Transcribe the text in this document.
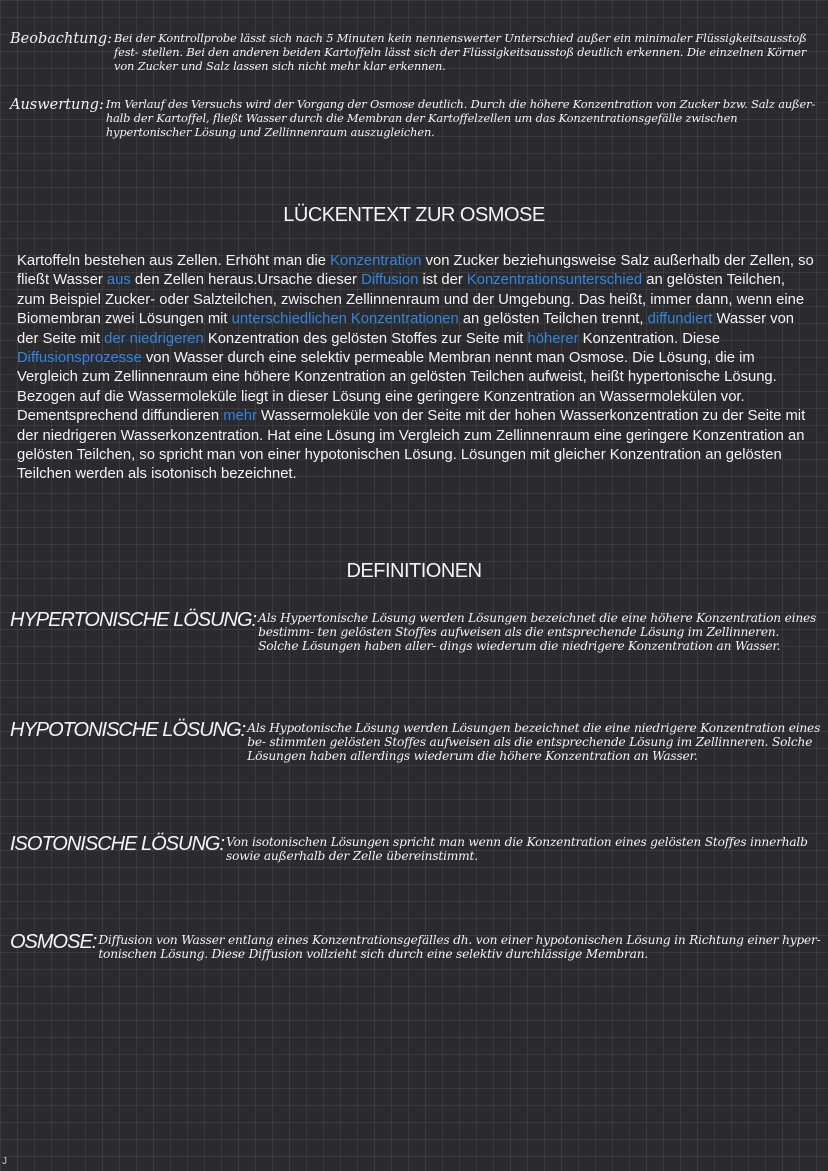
Beobachtung: Bei der Kontrollprobe lässt sich nach 5 Minuten kein nennenswerter Unterschied außer ein minimaler Flüssigkeitsausstoß fest- stellen. Bei den anderen beiden Kartoffeln lässt sich der Flüssigkeitsausstoß deutlich erkennen. Die einzelnen Körner von Zucker und Salz lassen sich nicht mehr klar erkennen.
Auswertung: Im Verlauf des Versuchs wird der Vorgang der Osmose deutlich. Durch die höhere Konzentration von Zucker bzw. Salz außer- halb der Kartoffel, fließt Wasser durch die Membran der Kartoffelzellen um das Konzentrationsgefälle zwischen hypertonischer Lösung und Zellinnenraum auszugleichen.
LÜCKENTEXT ZUR OSMOSE
Kartoffeln bestehen aus Zellen. Erhöht man die Konzentration von Zucker beziehungsweise Salz außerhalb der Zellen, so fließt Wasser aus den Zellen heraus.Ursache dieser Diffusion ist der Konzentrationsunterschied an gelösten Teilchen, zum Beispiel Zucker- oder Salzteilchen, zwischen Zellinnenraum und der Umgebung. Das heißt, immer dann, wenn eine Biomembran zwei Lösungen mit unterschiedlichen Konzentrationen an gelösten Teilchen trennt, diffundiert Wasser von der Seite mit der niedrigeren Konzentration des gelösten Stoffes zur Seite mit höherer Konzentration. Diese Diffusionsprozesse von Wasser durch eine selektiv permeable Membran nennt man Osmose. Die Lösung, die im Vergleich zum Zellinnenraum eine höhere Konzentration an gelösten Teilchen aufweist, heißt hypertonische Lösung. Bezogen auf die Wassermoleküle liegt in dieser Lösung eine geringere Konzentration an Wassermolekülen vor. Dementsprechend diffundieren mehr Wassermoleküle von der Seite mit der hohen Wasserkonzentration zu der Seite mit der niedrigeren Wasserkonzentration. Hat eine Lösung im Vergleich zum Zellinnenraum eine geringere Konzentration an gelösten Teilchen, so spricht man von einer hypotonischen Lösung. Lösungen mit gleicher Konzentration an gelösten Teilchen werden als isotonisch bezeichnet.
DEFINITIONEN
HYPERTONISCHE LÖSUNG: Als Hypertonische Lösung werden Lösungen bezeichnet die eine höhere Konzentration eines bestimm- ten gelösten Stoffes aufweisen als die entsprechende Lösung im Zellinneren. Solche Lösungen haben aller- dings wiederum die niedrigere Konzentration an Wasser.
HYPOTONISCHE LÖSUNG: Als Hypotonische Lösung werden Lösungen bezeichnet die eine niedrigere Konzentration eines be- stimmten gelösten Stoffes aufweisen als die entsprechende Lösung im Zellinneren. Solche Lösungen haben allerdings wiederum die höhere Konzentration an Wasser.
ISOTONISCHE LÖSUNG: Von isotonischen Lösungen spricht man wenn die Konzentration eines gelösten Stoffes innerhalb sowie außerhalb der Zelle übereinstimmt.
OSMOSE: Diffusion von Wasser entlang eines Konzentrationsgefälles dh. von einer hypotonischen Lösung in Richtung einer hyper- tonischen Lösung. Diese Diffusion vollzieht sich durch eine selektiv durchlässige Membran.
J
